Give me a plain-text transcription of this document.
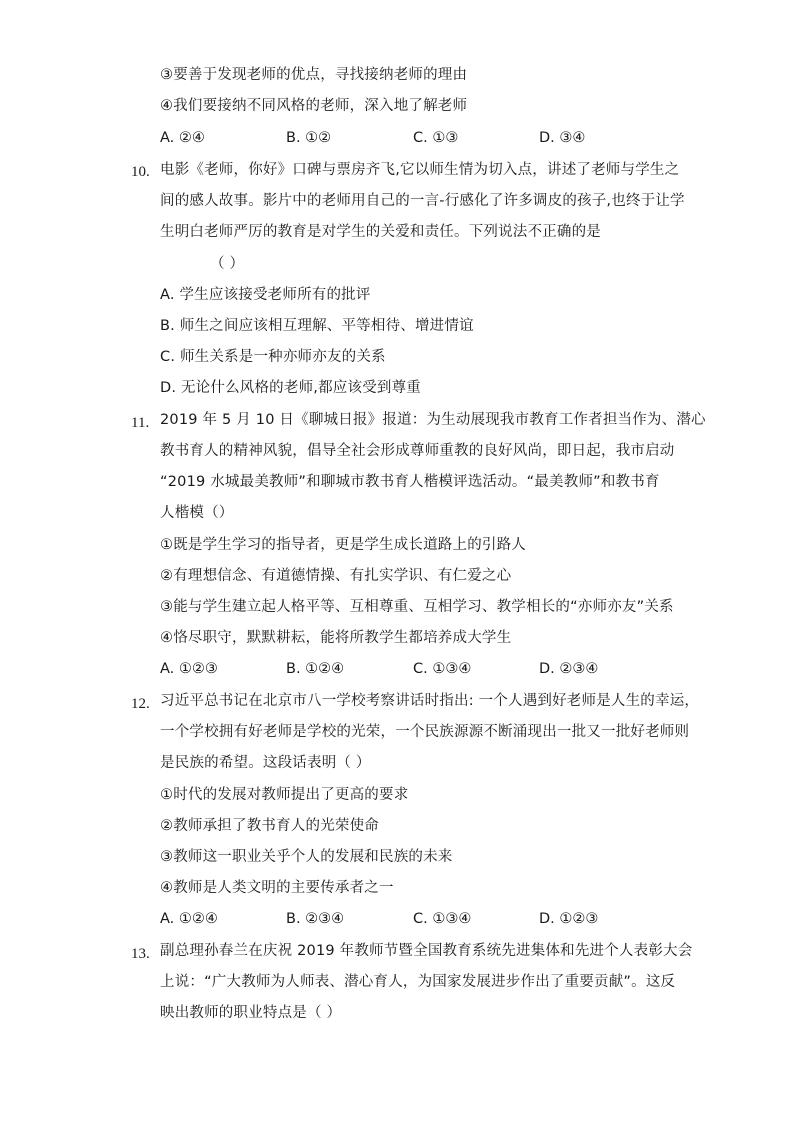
③要善于发现老师的优点，寻找接纳老师的理由
④我们要接纳不同风格的老师，深入地了解老师
A. ②④	B. ①②	C. ①③	D. ③④
10. 电影《老师，你好》口碑与票房齐飞,它以师生情为切入点，讲述了老师与学生之
间的感人故事。影片中的老师用自己的一言-行感化了许多调皮的孩子,也终于让学
生明白老师严厉的教育是对学生的关爱和责任。下列说法不正确的是
（ ）
A. 学生应该接受老师所有的批评
B. 师生之间应该相互理解、平等相待、增进情谊
C. 师生关系是一种亦师亦友的关系
D. 无论什么风格的老师,都应该受到尊重
11. 2019 年 5 月 10 日《聊城日报》报道：为生动展现我市教育工作者担当作为、潜心
教书育人的精神风貌，倡导全社会形成尊师重教的良好风尚，即日起，我市启动
“2019 水城最美教师”和聊城市教书育人楷模评选活动。“最美教师”和教书育
人楷模（）
①既是学生学习的指导者，更是学生成长道路上的引路人
②有理想信念、有道德情操、有扎实学识、有仁爱之心
③能与学生建立起人格平等、互相尊重、互相学习、教学相长的“亦师亦友”关系
④恪尽职守，默默耕耘，能将所教学生都培养成大学生
A. ①②③	B. ①②④	C. ①③④	D. ②③④
12. 习近平总书记在北京市八一学校考察讲话时指出: 一个人遇到好老师是人生的幸运，
一个学校拥有好老师是学校的光荣，一个民族源源不断涌现出一批又一批好老师则
是民族的希望。这段话表明（ ）
①时代的发展对教师提出了更高的要求
②教师承担了教书育人的光荣使命
③教师这一职业关乎个人的发展和民族的未来
④教师是人类文明的主要传承者之一
A. ①②④	B. ②③④	C. ①③④	D. ①②③
13. 副总理孙春兰在庆祝 2019 年教师节暨全国教育系统先进集体和先进个人表彰大会
上说：“广大教师为人师表、潜心育人，为国家发展进步作出了重要贡献”。这反
映出教师的职业特点是（ ）
